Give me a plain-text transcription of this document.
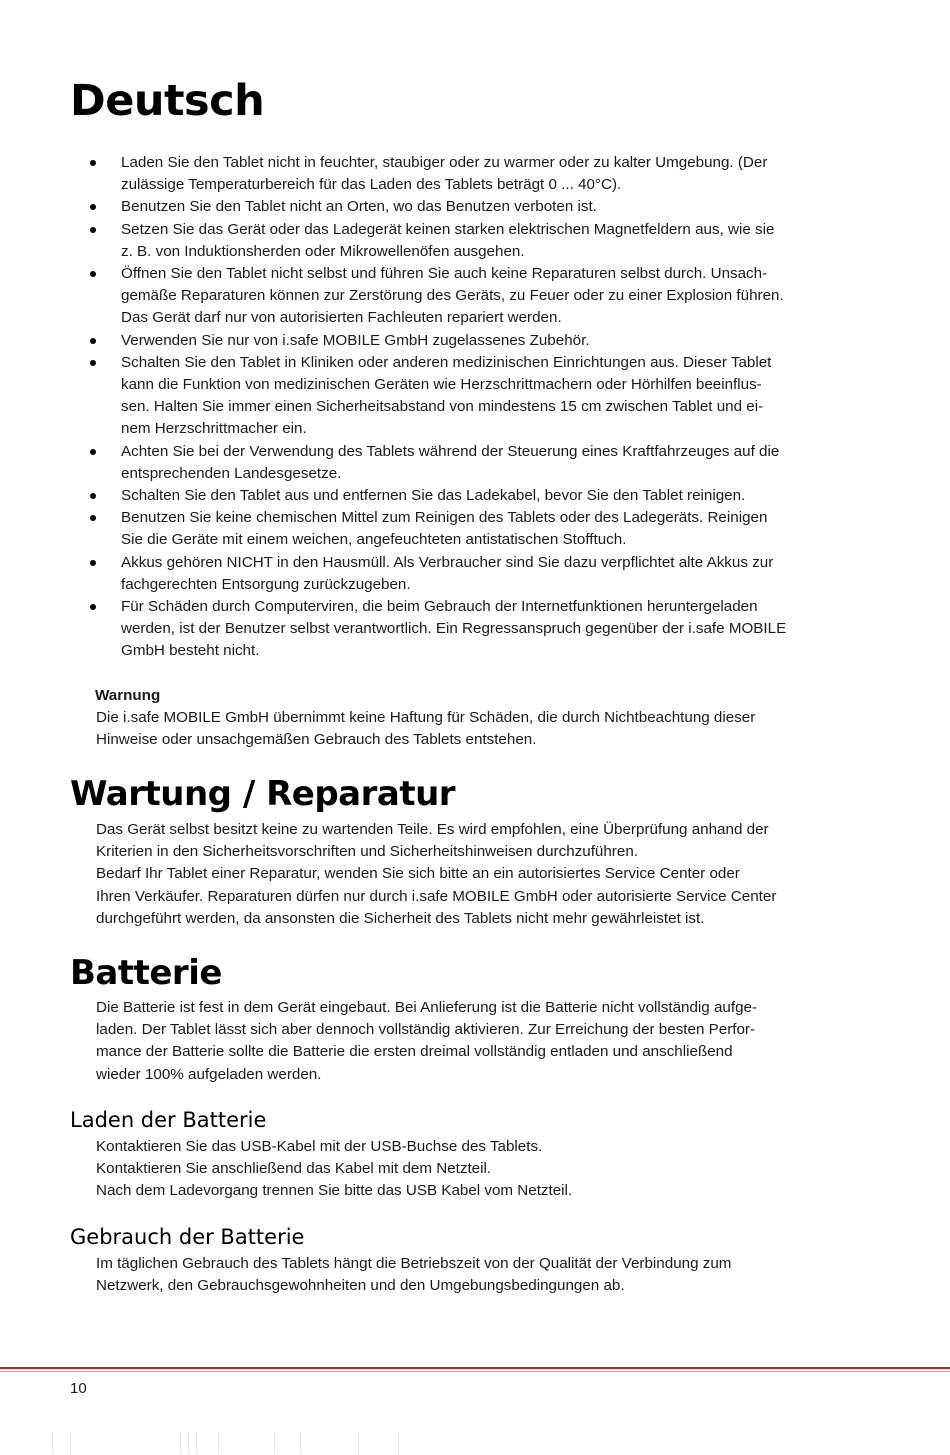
Deutsch
Laden Sie den Tablet nicht in feuchter, staubiger oder zu warmer oder zu kalter Umgebung. (Der
zulässige Temperaturbereich für das Laden des Tablets beträgt 0 ... 40°C).
Benutzen Sie den Tablet nicht an Orten, wo das Benutzen verboten ist.
Setzen Sie das Gerät oder das Ladegerät keinen starken elektrischen Magnetfeldern aus, wie sie
z. B. von Induktionsherden oder Mikrowellenöfen ausgehen.
Öffnen Sie den Tablet nicht selbst und führen Sie auch keine Reparaturen selbst durch. Unsach-
gemäße Reparaturen können zur Zerstörung des Geräts, zu Feuer oder zu einer Explosion führen.
Das Gerät darf nur von autorisierten Fachleuten repariert werden.
Verwenden Sie nur von i.safe MOBILE GmbH zugelassenes Zubehör.
Schalten Sie den Tablet in Kliniken oder anderen medizinischen Einrichtungen aus. Dieser Tablet
kann die Funktion von medizinischen Geräten wie Herzschrittmachern oder Hörhilfen beeinflus-
sen. Halten Sie immer einen Sicherheitsabstand von mindestens 15 cm zwischen Tablet und ei-
nem Herzschrittmacher ein.
Achten Sie bei der Verwendung des Tablets während der Steuerung eines Kraftfahrzeuges auf die
entsprechenden Landesgesetze.
Schalten Sie den Tablet aus und entfernen Sie das Ladekabel, bevor Sie den Tablet reinigen.
Benutzen Sie keine chemischen Mittel zum Reinigen des Tablets oder des Ladegeräts. Reinigen
Sie die Geräte mit einem weichen, angefeuchteten antistatischen Stofftuch.
Akkus gehören NICHT in den Hausmüll. Als Verbraucher sind Sie dazu verpflichtet alte Akkus zur
fachgerechten Entsorgung zurückzugeben.
Für Schäden durch Computerviren, die beim Gebrauch der Internetfunktionen heruntergeladen
werden, ist der Benutzer selbst verantwortlich. Ein Regressanspruch gegenüber der i.safe MOBILE
GmbH besteht nicht.

Warnung

Die i.safe MOBILE GmbH übernimmt keine Haftung für Schäden, die durch Nichtbeachtung dieser
Hinweise oder unsachgemäßen Gebrauch des Tablets entstehen.

Wartung / Reparatur

Das Gerät selbst besitzt keine zu wartenden Teile. Es wird empfohlen, eine Überprüfung anhand der
Kriterien in den Sicherheitsvorschriften und Sicherheitshinweisen durchzuführen.
Bedarf Ihr Tablet einer Reparatur, wenden Sie sich bitte an ein autorisiertes Service Center oder
Ihren Verkäufer. Reparaturen dürfen nur durch i.safe MOBILE GmbH oder autorisierte Service Center
durchgeführt werden, da ansonsten die Sicherheit des Tablets nicht mehr gewährleistet ist.

Batterie

Die Batterie ist fest in dem Gerät eingebaut. Bei Anlieferung ist die Batterie nicht vollständig aufge-
laden. Der Tablet lässt sich aber dennoch vollständig aktivieren. Zur Erreichung der besten Perfor-
mance der Batterie sollte die Batterie die ersten dreimal vollständig entladen und anschließend
wieder 100% aufgeladen werden.

Laden der Batterie

Kontaktieren Sie das USB-Kabel mit der USB-Buchse des Tablets.
Kontaktieren Sie anschließend das Kabel mit dem Netzteil.
Nach dem Ladevorgang trennen Sie bitte das USB Kabel vom Netzteil.

Gebrauch der Batterie

Im täglichen Gebrauch des Tablets hängt die Betriebszeit von der Qualität der Verbindung zum
Netzwerk, den Gebrauchsgewohnheiten und den Umgebungsbedingungen ab.

10
